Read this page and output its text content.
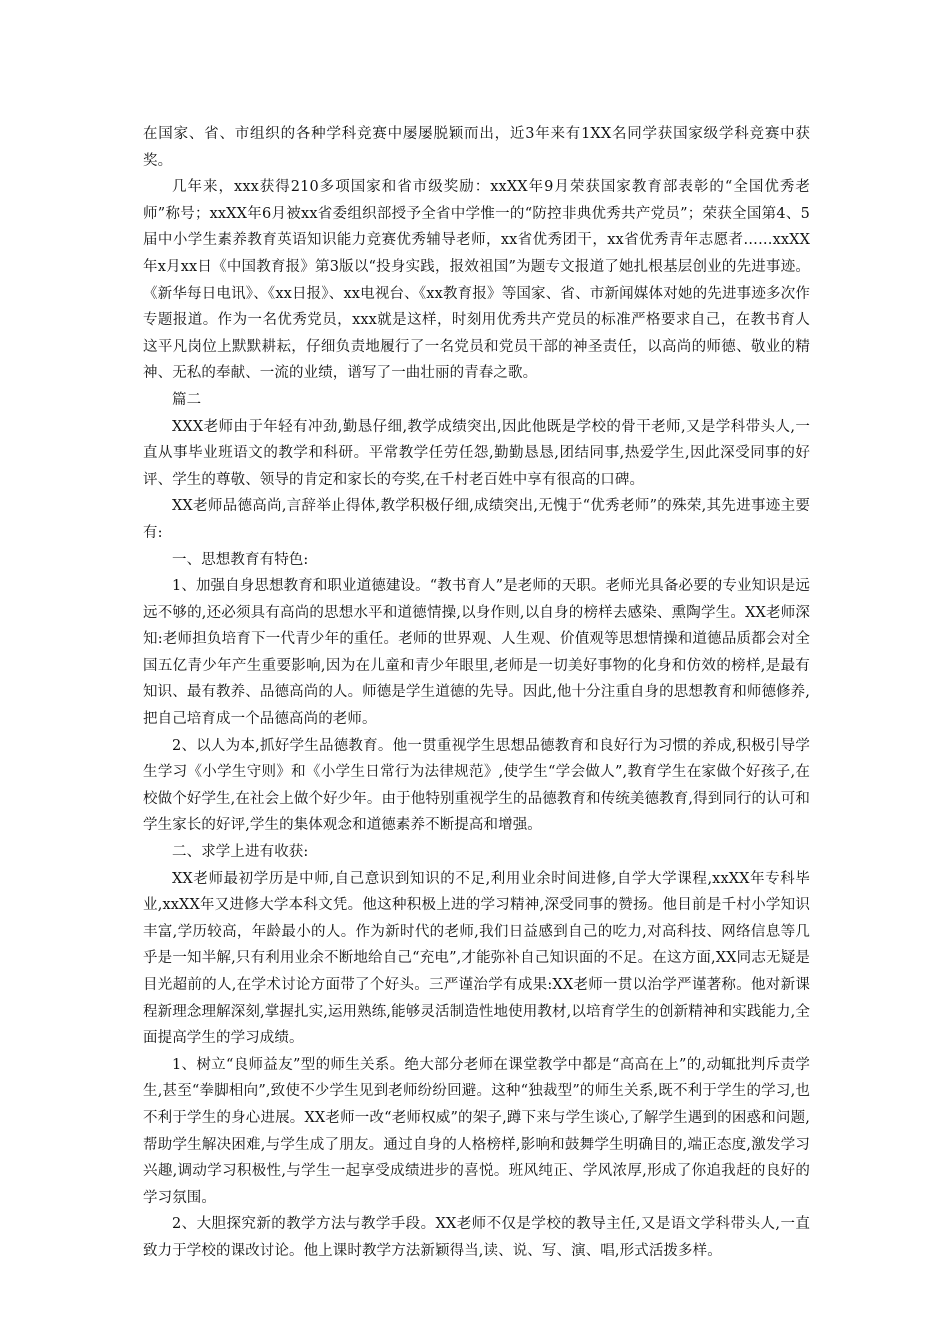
在国家、省、市组织的各种学科竞赛中屡屡脱颖而出，近3年来有1XX名同学获国家级学科竞赛中获奖。

几年来，xxx获得210多项国家和省市级奖励：xxXX年9月荣获国家教育部表彰的“全国优秀老师”称号；xxXX年6月被xx省委组织部授予全省中学惟一的“防控非典优秀共产党员”；荣获全国第4、5届中小学生素养教育英语知识能力竞赛优秀辅导老师，xx省优秀团干，xx省优秀青年志愿者……xxXX年x月xx日《中国教育报》第3版以“投身实践，报效祖国”为题专文报道了她扎根基层创业的先进事迹。《新华每日电讯》、《xx日报》、xx电视台、《xx教育报》等国家、省、市新闻媒体对她的先进事迹多次作专题报道。作为一名优秀党员，xxx就是这样，时刻用优秀共产党员的标准严格要求自己，在教书育人这平凡岗位上默默耕耘，仔细负责地履行了一名党员和党员干部的神圣责任，以高尚的师德、敬业的精神、无私的奉献、一流的业绩，谱写了一曲壮丽的青春之歌。

篇二

XXX老师由于年轻有冲劲,勤恳仔细,教学成绩突出,因此他既是学校的骨干老师,又是学科带头人,一直从事毕业班语文的教学和科研。平常教学任劳任怨,勤勤恳恳,团结同事,热爱学生,因此深受同事的好评、学生的尊敬、领导的肯定和家长的夸奖,在千村老百姓中享有很高的口碑。

XX老师品德高尚,言辞举止得体,教学积极仔细,成绩突出,无愧于“优秀老师”的殊荣,其先进事迹主要有:

一、思想教育有特色:

1、加强自身思想教育和职业道德建设。“教书育人”是老师的天职。老师光具备必要的专业知识是远远不够的,还必须具有高尚的思想水平和道德情操,以身作则,以自身的榜样去感染、熏陶学生。XX老师深知:老师担负培育下一代青少年的重任。老师的世界观、人生观、价值观等思想情操和道德品质都会对全国五亿青少年产生重要影响,因为在儿童和青少年眼里,老师是一切美好事物的化身和仿效的榜样,是最有知识、最有教养、品德高尚的人。师德是学生道德的先导。因此,他十分注重自身的思想教育和师德修养,把自己培育成一个品德高尚的老师。

2、以人为本,抓好学生品德教育。他一贯重视学生思想品德教育和良好行为习惯的养成,积极引导学生学习《小学生守则》和《小学生日常行为法律规范》,使学生“学会做人”,教育学生在家做个好孩子,在校做个好学生,在社会上做个好少年。由于他特别重视学生的品德教育和传统美德教育,得到同行的认可和学生家长的好评,学生的集体观念和道德素养不断提高和增强。

二、求学上进有收获:

XX老师最初学历是中师,自己意识到知识的不足,利用业余时间进修,自学大学课程,xxXX年专科毕业,xxXX年又进修大学本科文凭。他这种积极上进的学习精神,深受同事的赞扬。他目前是千村小学知识丰富,学历较高，年龄最小的人。作为新时代的老师,我们日益感到自己的吃力,对高科技、网络信息等几乎是一知半解,只有利用业余不断地给自己“充电”,才能弥补自己知识面的不足。在这方面,XX同志无疑是目光超前的人,在学术讨论方面带了个好头。三严谨治学有成果:XX老师一贯以治学严谨著称。他对新课程新理念理解深刻,掌握扎实,运用熟练,能够灵活制造性地使用教材,以培育学生的创新精神和实践能力,全面提高学生的学习成绩。

1、树立“良师益友”型的师生关系。绝大部分老师在课堂教学中都是“高高在上”的,动辄批判斥责学生,甚至“拳脚相向”,致使不少学生见到老师纷纷回避。这种“独裁型”的师生关系,既不利于学生的学习,也不利于学生的身心进展。XX老师一改“老师权威”的架子,蹲下来与学生谈心,了解学生遇到的困惑和问题,帮助学生解决困难,与学生成了朋友。通过自身的人格榜样,影响和鼓舞学生明确目的,端正态度,激发学习兴趣,调动学习积极性,与学生一起享受成绩进步的喜悦。班风纯正、学风浓厚,形成了你追我赶的良好的学习氛围。

2、大胆探究新的教学方法与教学手段。XX老师不仅是学校的教导主任,又是语文学科带头人,一直致力于学校的课改讨论。他上课时教学方法新颖得当,读、说、写、演、唱,形式活拨多样。
